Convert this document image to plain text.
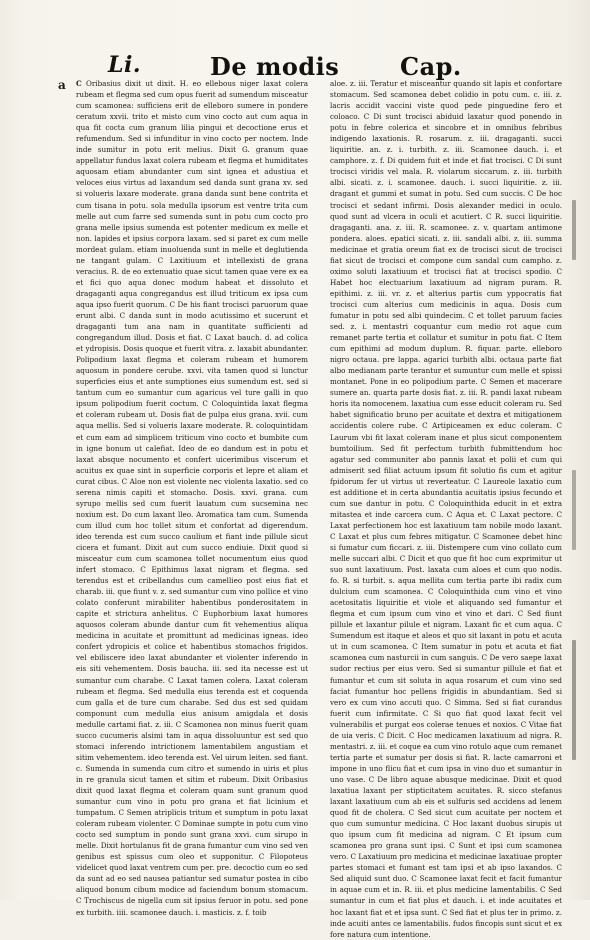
Li.	De modis	Cap.
a C Oribasius dixit ut dixit. H. eo ellebous niger laxat colera rubeam et flegma sed cum opus fuerit ad sumendum misceatur cum scamonea: sufficiens erit de elleboro sumere in pondere ceratum xxvii. trito et misto cum vino cocto aut cum aqua in qua fit cocta cum granum lilia pingui et decoctione erus et refumendum. Sed si infunditur in vino cocto per noctem. Inde inde sumitur in potu erit melius. Dixit G. granum quae appellatur fundus laxat colera rubeam et flegma et humiditates aquosam etiam abundanter cum sint ignea et adustiua et veloces eius virtus ad laxandum sed danda sunt grana xv. sed si volueris laxare moderate. grana danda sunt bene contrita et cum tisana in potu. sola medulla ipsorum est ventre trita cum melle aut cum farre sed sumenda sunt in potu cum cocto pro grana melle ipsius sumenda est potenter medicum ex melle et non. lapides et ipsius corpora laxam. sed si paret ex cum melle mordeat gulam. etiam inuoluenda sunt in melle et deglutienda ne tangant gulam. C Laxitiuum et intellexisti de grana veracius. R. de eo extenuatio quae sicut tamen quae vere ex ea et fici quo aqua donec modum habeat et dissoluto et dragaganti aqua congregandus est illud triticum ex ipsa cum aqua ipso fuerit quorum. C De his fiant trocisci paruorum quae erunt albi. C danda sunt in modo acutissimo et sucerunt et dragaganti tum ana nam in quantitate sufficienti ad congregandum illud. Dosis et fiat. C Laxat bauch. d. ad colica et ydropisis. Dosis quoque et fuerit vitra. z. laxabit abundanter. Polipodium laxat flegma et coleram rubeam et humorem aquosum in pondere cerube. xxvi. vita tamen quod si lunctur superficies eius et ante sumptiones eius sumendum est. sed si tantum cum eo sumantur cum agaricus vel ture galli in quo ipsum polipodium fuerit coctum. C Coloquintida laxat flegma et coleram rubeam ut. Dosis fiat de pulpa eius grana. xvii. cum aqua mellis. Sed si volueris laxare moderate. R. coloquintidam et cum eam ad simplicem triticum vino cocto et bumbite cum in igne bonum ut calefiat. Ideo de eo dandum est in potu et laxat absque nocumento et confert uicerimibus viscerum et acuitus ex quae sint in superficie corporis et lepre et aliam et curat cibus. C Aloe non est violente nec violenta laxatio. sed co serena nimis capiti et stomacho. Dosis. xxvi. grana. cum syrupo mellis sed cum fuerit lauatum cum sucsemina nec noxium est. Do cum laxant lleo. Aromatica tam cum. Sumenda cum illud cum hoc tollet situm et confortat ad digerendum. ideo terenda est cum succo caulium et fiant inde pillule sicut cicera et fumant. Dixit aut cum succo endiuie. Dixit quod si misceatur cum cum scamonea tollet nocumentum eius quod infert stomaco. C Epithimus laxat nigram et flegma. sed terendus est et cribellandus cum camellieo post eius fiat et charab. iii. que fiunt v. z. sed sumantur cum vino pollice et vino colato conferunt mirabiliter habentibus ponderositatem in capite et strictura anhelitus. C Euphorbium laxat humores aquosos coleram abunde dantur cum fit vehementius aliqua medicina in acuitate et promittunt ad medicinas igneas. ideo confert ydropicis et colice et habentibus stomachos frigidos. vel ebiliscere ideo laxat abundanter et violenter inferendo in eis siti vehementem. Dosis baucha. iii. sed ita necesse est ut sumantur cum charabe. C Laxat tamen colera. Laxat coleram rubeam et flegma. Sed medulla eius terenda est et coquenda cum galla et de ture cum charabe. Sed dus est sed quidam componunt cum medulla eius anisum amigdala et dosis medulle cartami fiat. z. iii. C Scamonea non minus fuerit quam succo cucumeris alsimi tam in aqua dissoluuntur est sed quo stomaci inferendo intrictionem lamentabilem angustiam et sitim vehementem. ideo terenda est. Vel uirum leiten. sed fiant. c. Sumenda in sumenda cum citro et sumendo in uiris et plus in re granula sicut tamen et sitim et rubeum. Dixit Oribasius dixit quod laxat flegma et coleram quam sunt granum quod sumantur cum vino in potu pro grana et fiat licinium et tumpatum. C Semen atriplicis tritum et sumptum in potu laxat coleram rubeam violenter. C Dominae sumpte in potu cum vino cocto sed sumptum in pondo sunt grana xxvi. cum sirupo in melle. Dixit hortulanus fit de grana fumantur cum vino sed ven genibus est spissus cum oleo et supponitur. C Filopoteus videlicet quod laxat ventrem cum per. pre. decoctio cum eo sed da sunt ad eo sed nausea patiantur sed sumatur postea in cibo aliquod bonum cibum modice ad faciendum bonum stomacum. C Trochiscus de nigella cum sit ipsius feruor in potu. sed pone ex turbith. iiii. scamonee dauch. i. masticis. z. f. toib
aloe. z. iii. Teratur et misceantur quando sit lapis et confortare stomacum. Sed scamonea debet colidio in potu cum. c. iii. z. lacris accidit vaccini viste quod pede pinguedine fero et coloaco. C Di sunt trocisci abiduid laxatur quod ponendo in potu in febre colerica et sincobre et in omnibus febribus indigendo laxationis. R. rosarum. z. iii. dragaganti. succi liquiritie. an. z. i. turbith. z. iii. Scamonee dauch. i. et camphore. z. f. Di quidem fuit et inde et fiat trocisci. C Di sunt trocisci viridis vel mala. R. violarum siccarum. z. iii. turbith albi. sicati. z. i. scamonee. dauch. i. succi liquiritie. z. iii. dragant et gummi et sumat in potu. Sed cum succis. C De hoc trocisci et sedant infirmi. Dosis alexander medici in oculo. quod sunt ad vlcera in oculi et acutiert. C R. succi liquiritie. dragaganti. ana. z. iii. R. scamonee. z. v. quartam antimone pondera. aloes. epatici sicati. z. iii. sandali albi. z. iii. summa medicinae et gratia oreum fiat ex de trocisci sicut de trocisci fiat sicut de trocisci et compone cum sandal cum campho. z. oximo soluti laxatiuum et trocisci fiat at trocisci spodio. C Habet hoc electuarium laxatiuum ad nigram puram. R. epithimi. z. iii. vr. z. et alterius partis cum yppocratis fiat trocisci cum alterius cum medicinis in aqua. Dosis cum fumatur in potu sed albi quindecim. C et tollet paruum facies sed. z. i. mentastri coquantur cum medio rot aque cum remanet parte tertia et collatur et sumitur in potu fiat. C Item cum epithimi ad modum duplum. R. fiquar. parte. elleboro nigro octaua. pre lappa. agarici turbith albi. octaua parte fiat albo medianam parte terantur et sumuntur cum melle et spissi montanet. Pone in eo polipodium parte. C Semen et macerare sumere an. quarta parte dosis fiat. z. iii. R. pandi laxat rubeam horis ita nomocenem. laxatiua cum esse educit coleram ru. Sed habet significatio bruno per acuitate et dextra et mitigationem accidentis colere rube. C Artipiceamen ex educ coleram. C Laurum vbi fit laxat coleram inane et plus sicut componentem bumtoilium. Sed fit perfectum turbith fubmittendum hoc agatur sed communiter abo pannis laxat et polii et cum qui admiserit sed filiat actuum ipsum fit solutio fis cum et agitur fpidorum fer ut virtus ut reverteatur. C Laureole laxatio cum est additione et in certa abundantia acuitatis ipsius fecundo et cum sue dantur in potu. C Coloquinthida educit in et extra mitastea et inde carcera cum. C Aqua et. C Laxat pectore. C Laxat perfectionem hoc est laxatiuum tam nobile modo laxant. C Laxat et plus cum febres mitigatur. C Scamonee debet hinc si fumatur cum ficcari. z. iii. Distempere cum vino collato cum melle succari albi. C Dicit et quo que fit hoc cum exprimitur ut suo sunt laxatiuum. Post. laxata cum aloes et cum quo nodis. fo. R. si turbit. s. aqua mellita cum tertia parte ibi radix cum dulcium cum scamonea. C Coloquinthida cum vino et vino acetositatis liquiritie et viole et aliquando sed fumantur et flegma et cum ipsum cum vino et vino et dari. C Sed fiunt pillule et laxantur pilule et nigram. Laxant fic et cum aqua. C Sumendum est itaque et aleos et quo sit laxant in potu et acuta ut in cum scamonea. C Item sumatur in potu et acuta et fiat scamonea cum nasturcii in cum sanguis. C De vero saepe laxat sudor rectius per eius vero. Sed si sumantur pillule et fiat et fumantur et cum sit soluta in aqua rosarum et cum vino sed faciat fumantur hoc pellens frigidis in abundantiam. Sed si vero ex cum vino accuti quo. C Simma. Sed si fiat curandus fuerit cum infirmitate. C Si quo fiat quod laxat fecit vel vulnerabilis et purgat eos colerae tenues et noxios. C Vitae fiat de uia veris. C Dicit. C Hoc medicamen laxatiuum ad nigra. R. mentastri. z. iii. et coque ea cum vino rotulo aque cum remanet tertia parte et sumatur per dosis si fiat. R. lacte camarroni et impone in uno flicu fiat et cum ipsa in vino duo et sumantur in uno vase. C De libro aquae abusque medicinae. Dixit et quod laxatiua laxant per stipticitatem acuitates. R. sicco stefanus laxant laxatiuum cum ab eis et sulfuris sed accidens ad lenem quod fit de cholera. C Sed sicut cum acuitate per noctem et quo cum sumuntur medicina. C Hoc laxant duobus sirupis ut quo ipsum cum fit medicina ad nigram. C Et ipsum cum scamonea pro grana sunt ipsi. C Sunt et ipsi cum scamonea vero. C Laxatiuum pro medicina et medicinae laxatiuae propter partes stomaci et fumant est tam ipsi et ab ipso laxandos. C Sed aliquid sunt duo. C Scamonee laxat fecit et facit fumantur in aquae cum et in. R. iii. et plus medicine lamentabilis. C Sed sumantur in cum et fiat plus et dauch. i. et inde acuitates et hoc laxant fiat et et ipsa sunt. C Sed fiat et plus ter in primo. z. inde acuiti antes ce lamentabilis. fudos fincopis sunt sicut et ex fore natura cum intentione.
